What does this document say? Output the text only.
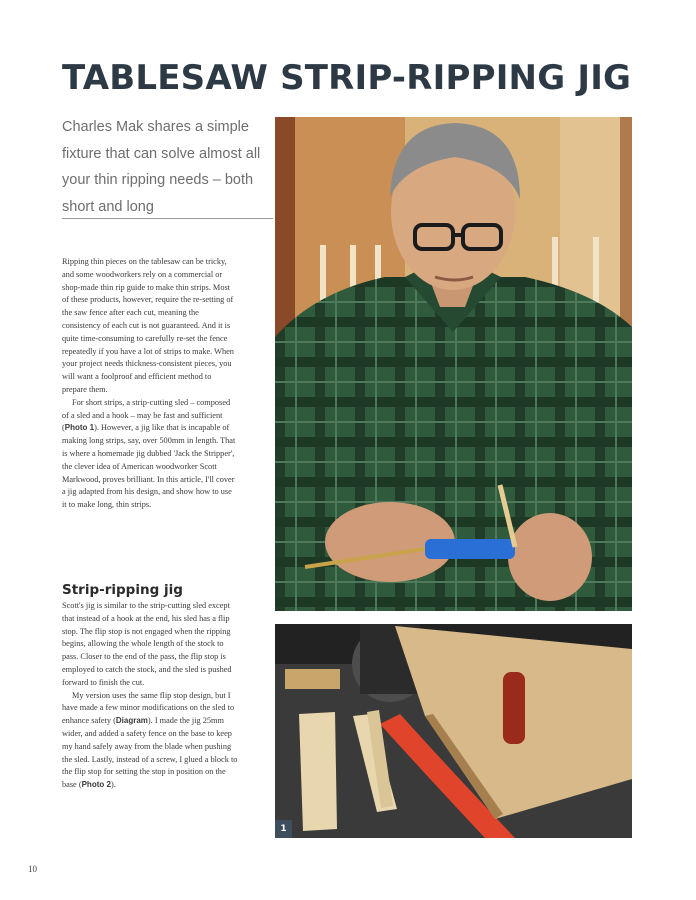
TABLESAW STRIP-RIPPING JIG

Charles Mak shares a simple fixture that can solve almost all your thin ripping needs – both short and long

Ripping thin pieces on the tablesaw can be tricky, and some woodworkers rely on a commercial or shop-made thin rip guide to make thin strips. Most of these products, however, require the re-setting of the saw fence after each cut, meaning the consistency of each cut is not guaranteed. And it is quite time-consuming to carefully re-set the fence repeatedly if you have a lot of strips to make. When your project needs thickness-consistent pieces, you will want a foolproof and efficient method to prepare them.

For short strips, a strip-cutting sled – composed of a sled and a hook – may be fast and sufficient (Photo 1). However, a jig like that is incapable of making long strips, say, over 500mm in length. That is where a homemade jig dubbed 'Jack the Stripper', the clever idea of American woodworker Scott Markwood, proves brilliant. In this article, I'll cover a jig adapted from his design, and show how to use it to make long, thin strips.

Strip-ripping jig

Scott's jig is similar to the strip-cutting sled except that instead of a hook at the end, his sled has a flip stop. The flip stop is not engaged when the ripping begins, allowing the whole length of the stock to pass. Closer to the end of the pass, the flip stop is employed to catch the stock, and the sled is pushed forward to finish the cut.

My version uses the same flip stop design, but I have made a few minor modifications on the sled to enhance safety (Diagram). I made the jig 25mm wider, and added a safety fence on the base to keep my hand safely away from the blade when pushing the sled. Lastly, instead of a screw, I glued a block to the flip stop for setting the stop in position on the base (Photo 2).

1
10
